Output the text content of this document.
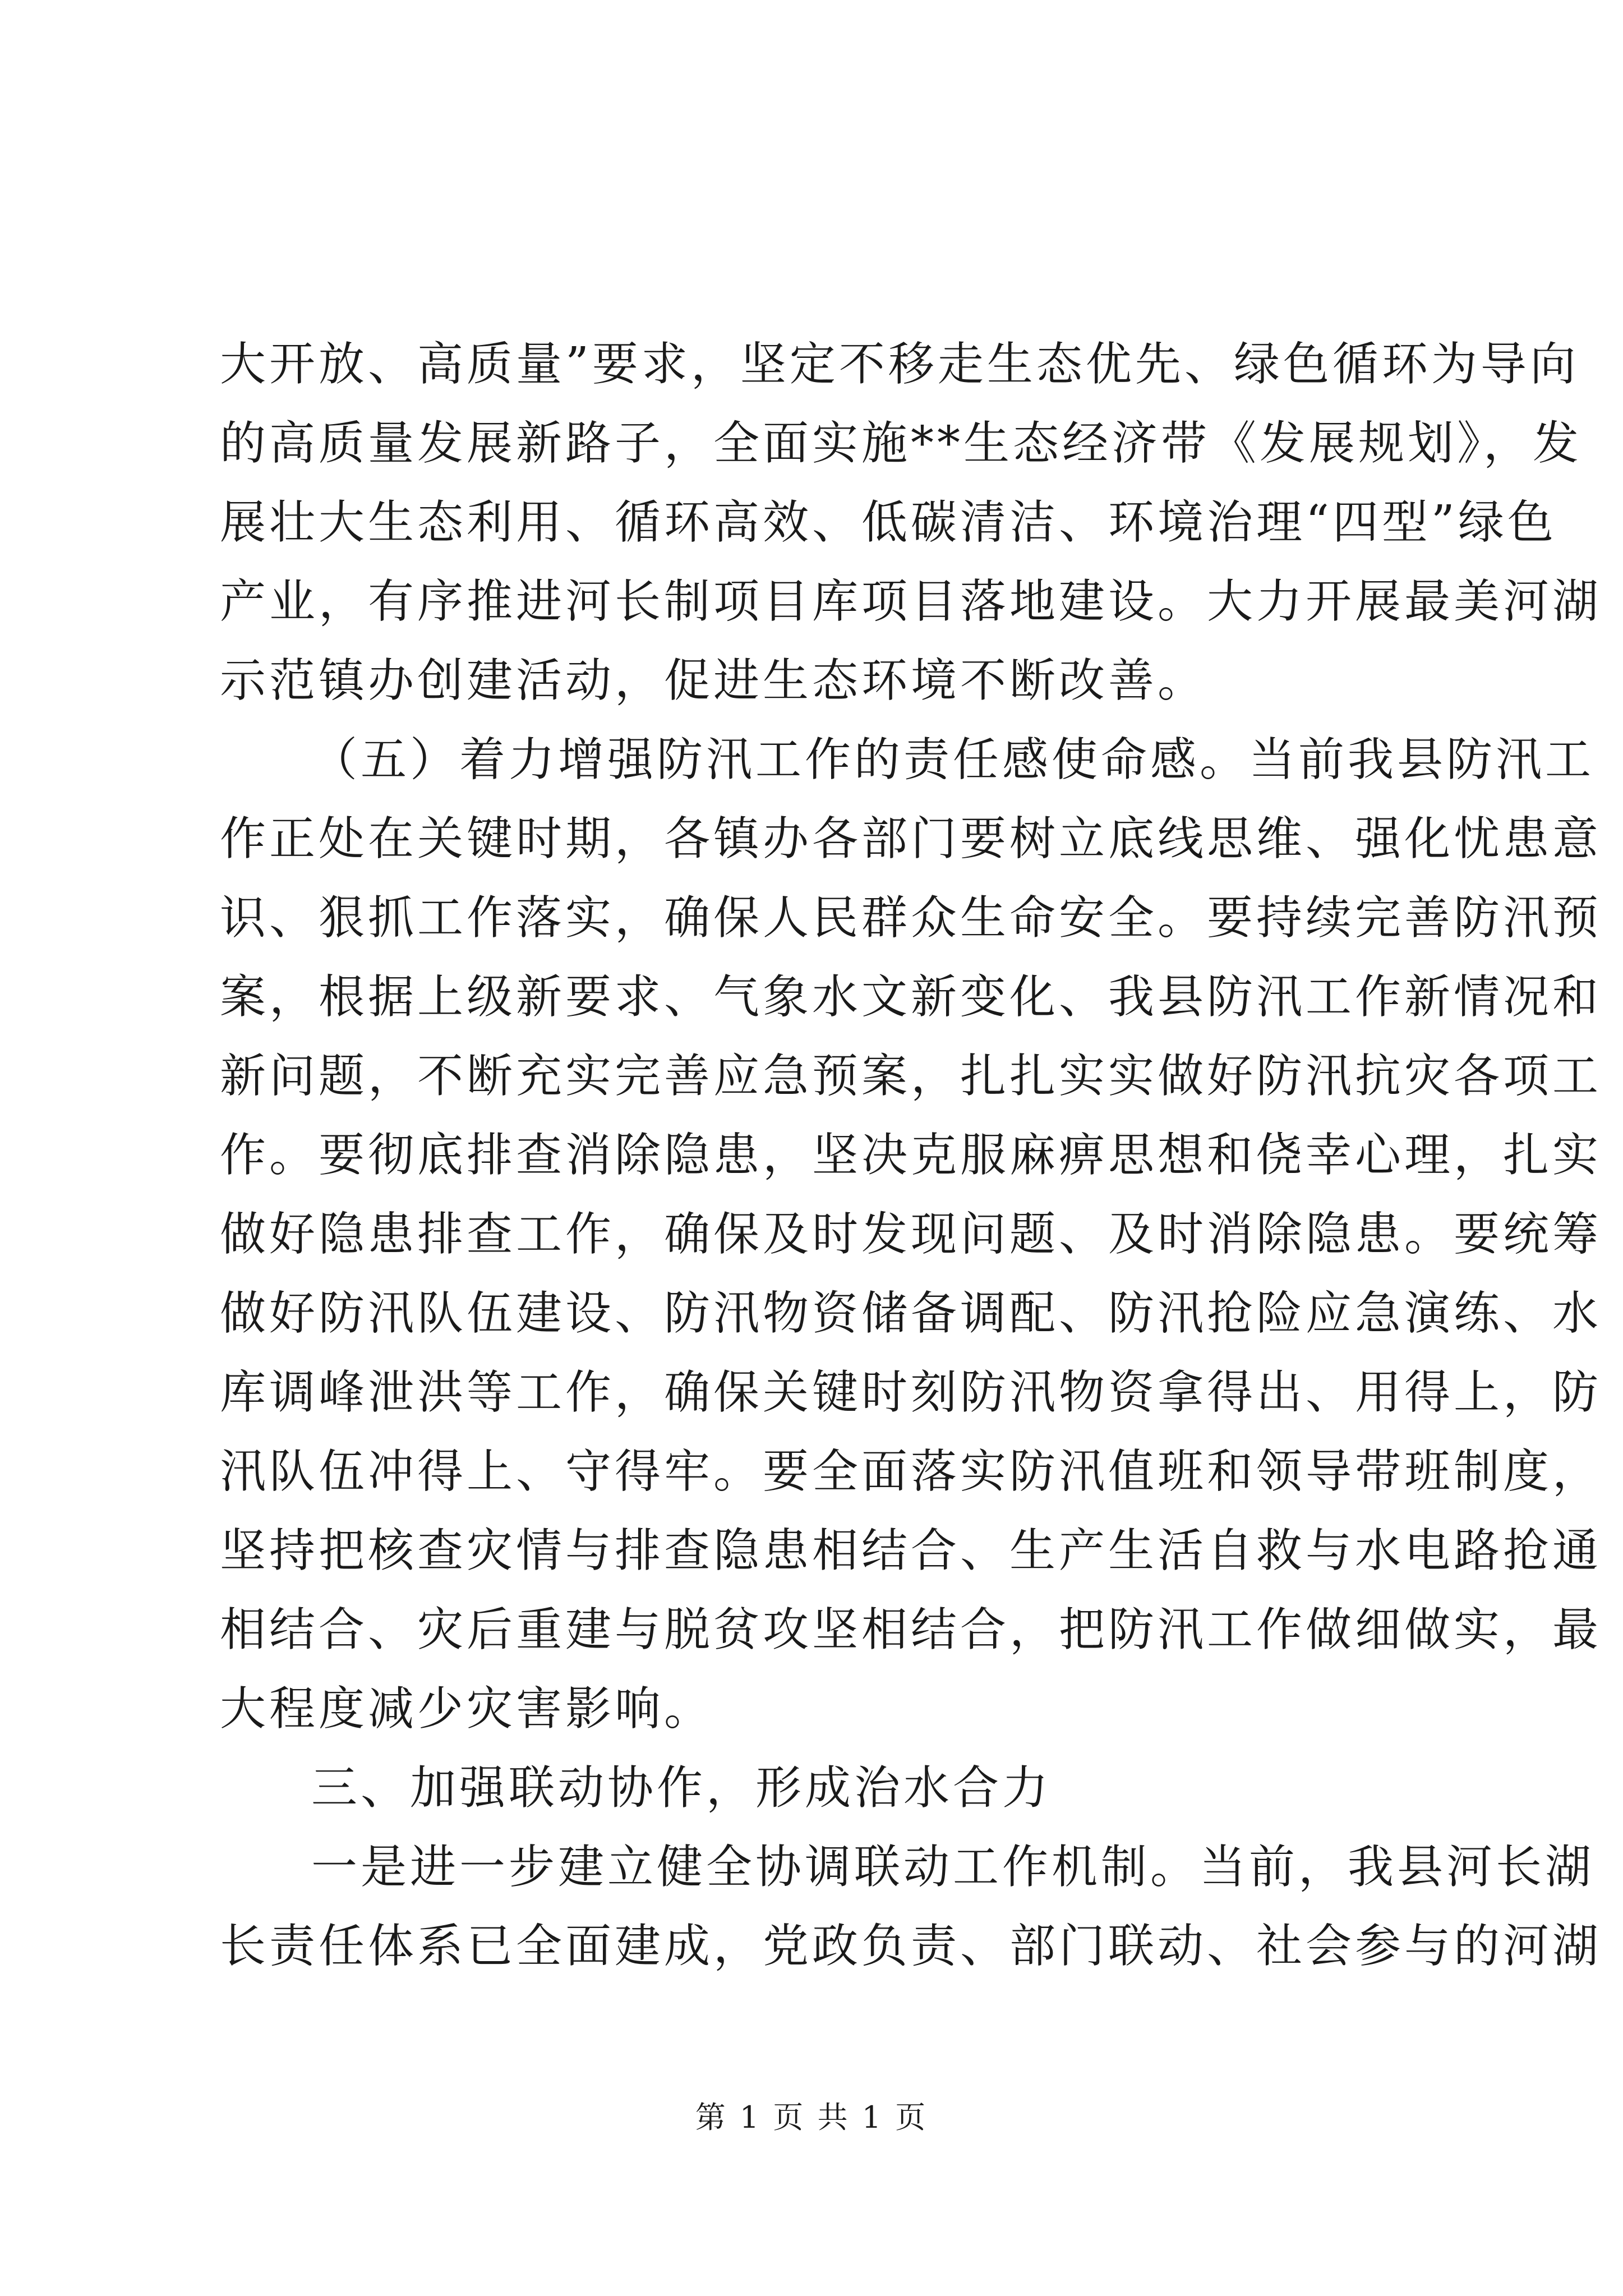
大开放、高质量”要求，坚定不移走生态优先、绿色循环为导向
的高质量发展新路子，全面实施**生态经济带《发展规划》，发
展壮大生态利用、循环高效、低碳清洁、环境治理“四型”绿色
产业，有序推进河长制项目库项目落地建设。大力开展最美河湖
示范镇办创建活动，促进生态环境不断改善。
（五）着力增强防汛工作的责任感使命感。当前我县防汛工
作正处在关键时期，各镇办各部门要树立底线思维、强化忧患意
识、狠抓工作落实，确保人民群众生命安全。要持续完善防汛预
案，根据上级新要求、气象水文新变化、我县防汛工作新情况和
新问题，不断充实完善应急预案，扎扎实实做好防汛抗灾各项工
作。要彻底排查消除隐患，坚决克服麻痹思想和侥幸心理，扎实
做好隐患排查工作，确保及时发现问题、及时消除隐患。要统筹
做好防汛队伍建设、防汛物资储备调配、防汛抢险应急演练、水
库调峰泄洪等工作，确保关键时刻防汛物资拿得出、用得上，防
汛队伍冲得上、守得牢。要全面落实防汛值班和领导带班制度，
坚持把核查灾情与排查隐患相结合、生产生活自救与水电路抢通
相结合、灾后重建与脱贫攻坚相结合，把防汛工作做细做实，最
大程度减少灾害影响。
三、加强联动协作，形成治水合力
一是进一步建立健全协调联动工作机制。当前，我县河长湖
长责任体系已全面建成，党政负责、部门联动、社会参与的河湖
第 1 页 共 1 页
